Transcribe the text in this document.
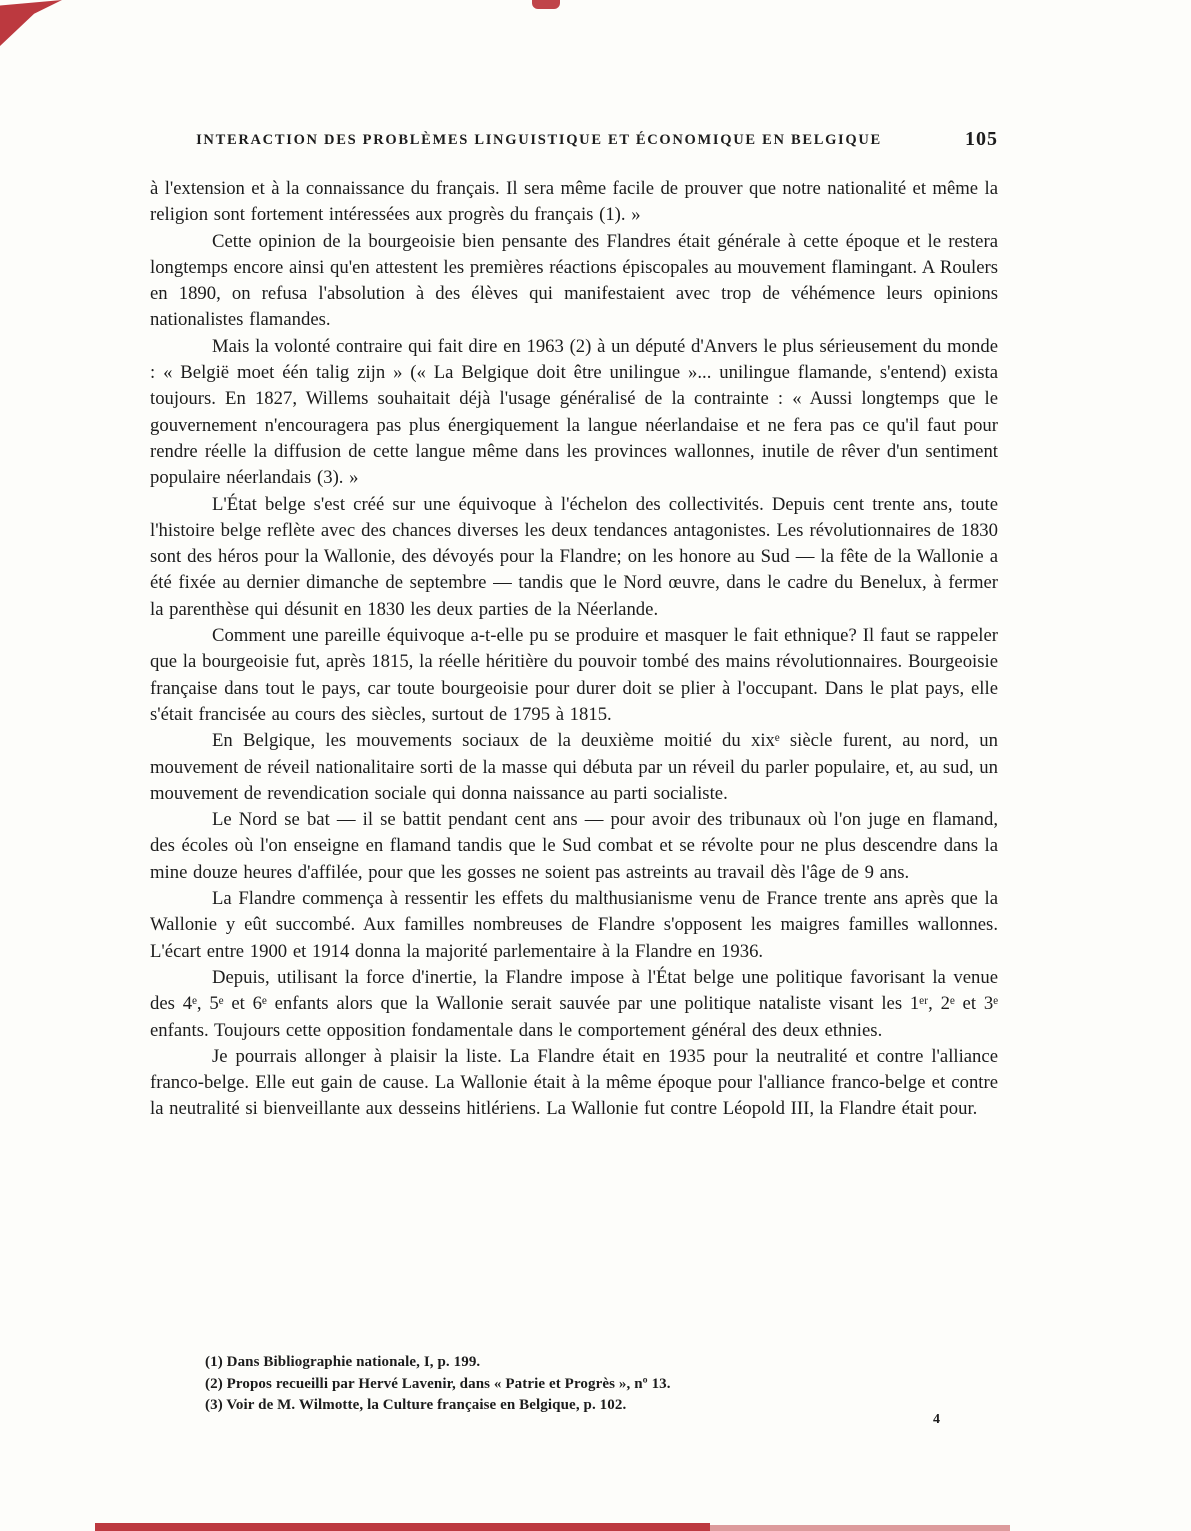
INTERACTION DES PROBLÈMES LINGUISTIQUE ET ÉCONOMIQUE EN BELGIQUE	105

à l'extension et à la connaissance du français. Il sera même facile de prouver que notre nationalité et même la religion sont fortement intéressées aux progrès du français (1). »

Cette opinion de la bourgeoisie bien pensante des Flandres était générale à cette époque et le restera longtemps encore ainsi qu'en attestent les premières réactions épiscopales au mouvement flamingant. A Roulers en 1890, on refusa l'absolution à des élèves qui manifestaient avec trop de véhémence leurs opinions nationalistes flamandes.

Mais la volonté contraire qui fait dire en 1963 (2) à un député d'Anvers le plus sérieusement du monde : « België moet één talig zijn » (« La Belgique doit être unilingue »... unilingue flamande, s'entend) exista toujours. En 1827, Willems souhaitait déjà l'usage généralisé de la contrainte : « Aussi longtemps que le gouvernement n'encouragera pas plus énergiquement la langue néerlandaise et ne fera pas ce qu'il faut pour rendre réelle la diffusion de cette langue même dans les provinces wallonnes, inutile de rêver d'un sentiment populaire néerlandais (3). »

L'État belge s'est créé sur une équivoque à l'échelon des collectivités. Depuis cent trente ans, toute l'histoire belge reflète avec des chances diverses les deux tendances antagonistes. Les révolutionnaires de 1830 sont des héros pour la Wallonie, des dévoyés pour la Flandre; on les honore au Sud — la fête de la Wallonie a été fixée au dernier dimanche de septembre — tandis que le Nord œuvre, dans le cadre du Benelux, à fermer la parenthèse qui désunit en 1830 les deux parties de la Néerlande.

Comment une pareille équivoque a-t-elle pu se produire et masquer le fait ethnique? Il faut se rappeler que la bourgeoisie fut, après 1815, la réelle héritière du pouvoir tombé des mains révolutionnaires. Bourgeoisie française dans tout le pays, car toute bourgeoisie pour durer doit se plier à l'occupant. Dans le plat pays, elle s'était francisée au cours des siècles, surtout de 1795 à 1815.

En Belgique, les mouvements sociaux de la deuxième moitié du xixᵉ siècle furent, au nord, un mouvement de réveil nationalitaire sorti de la masse qui débuta par un réveil du parler populaire, et, au sud, un mouvement de revendication sociale qui donna naissance au parti socialiste.

Le Nord se bat — il se battit pendant cent ans — pour avoir des tribunaux où l'on juge en flamand, des écoles où l'on enseigne en flamand tandis que le Sud combat et se révolte pour ne plus descendre dans la mine douze heures d'affilée, pour que les gosses ne soient pas astreints au travail dès l'âge de 9 ans.

La Flandre commença à ressentir les effets du malthusianisme venu de France trente ans après que la Wallonie y eût succombé. Aux familles nombreuses de Flandre s'opposent les maigres familles wallonnes. L'écart entre 1900 et 1914 donna la majorité parlementaire à la Flandre en 1936.

Depuis, utilisant la force d'inertie, la Flandre impose à l'État belge une politique favorisant la venue des 4ᵉ, 5ᵉ et 6ᵉ enfants alors que la Wallonie serait sauvée par une politique nataliste visant les 1ᵉʳ, 2ᵉ et 3ᵉ enfants. Toujours cette opposition fondamentale dans le comportement général des deux ethnies.

Je pourrais allonger à plaisir la liste. La Flandre était en 1935 pour la neutralité et contre l'alliance franco-belge. Elle eut gain de cause. La Wallonie était à la même époque pour l'alliance franco-belge et contre la neutralité si bienveillante aux desseins hitlériens. La Wallonie fut contre Léopold III, la Flandre était pour.

(1) Dans Bibliographie nationale, I, p. 199.
(2) Propos recueilli par Hervé Lavenir, dans « Patrie et Progrès », nº 13.
(3) Voir de M. Wilmotte, la Culture française en Belgique, p. 102.
4
